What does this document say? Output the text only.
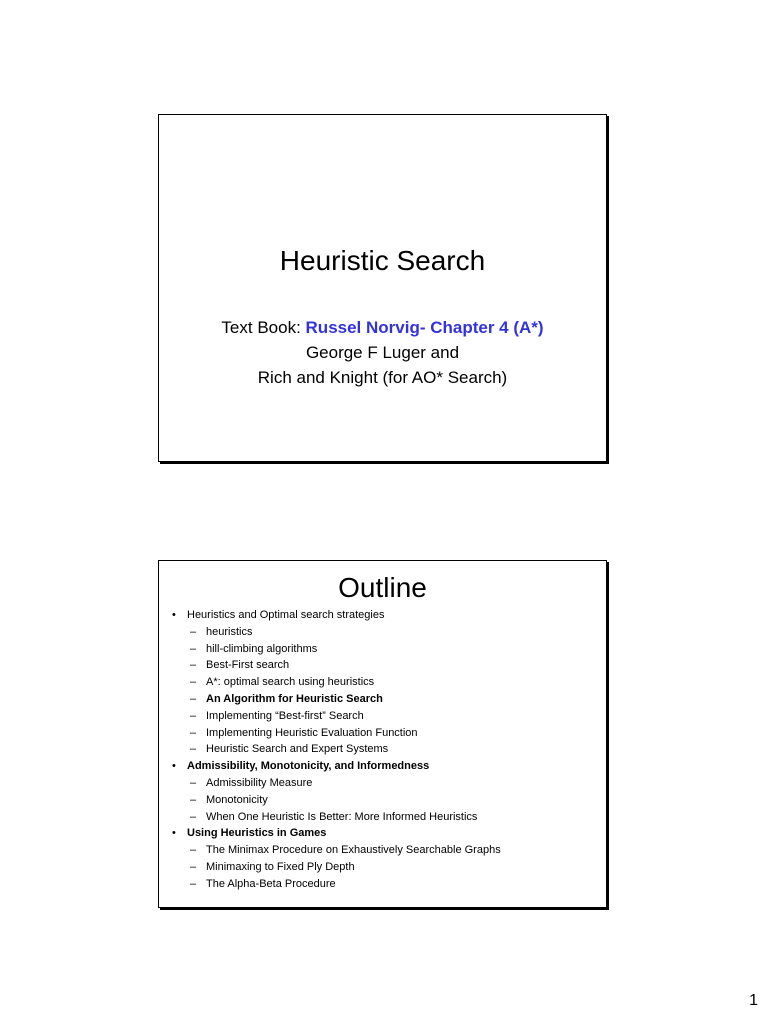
Heuristic Search
Text Book: Russel Norvig- Chapter 4 (A*)
George F Luger and
Rich and Knight (for AO* Search)
Outline
• Heuristics and Optimal search strategies
– heuristics
– hill-climbing algorithms
– Best-First search
– A*: optimal search using heuristics
– An Algorithm for Heuristic Search
– Implementing “Best-first” Search
– Implementing Heuristic Evaluation Function
– Heuristic Search and Expert Systems
• Admissibility, Monotonicity, and Informedness
– Admissibility Measure
– Monotonicity
– When One Heuristic Is Better: More Informed Heuristics
• Using Heuristics in Games
– The Minimax Procedure on Exhaustively Searchable Graphs
– Minimaxing to Fixed Ply Depth
– The Alpha-Beta Procedure
1
